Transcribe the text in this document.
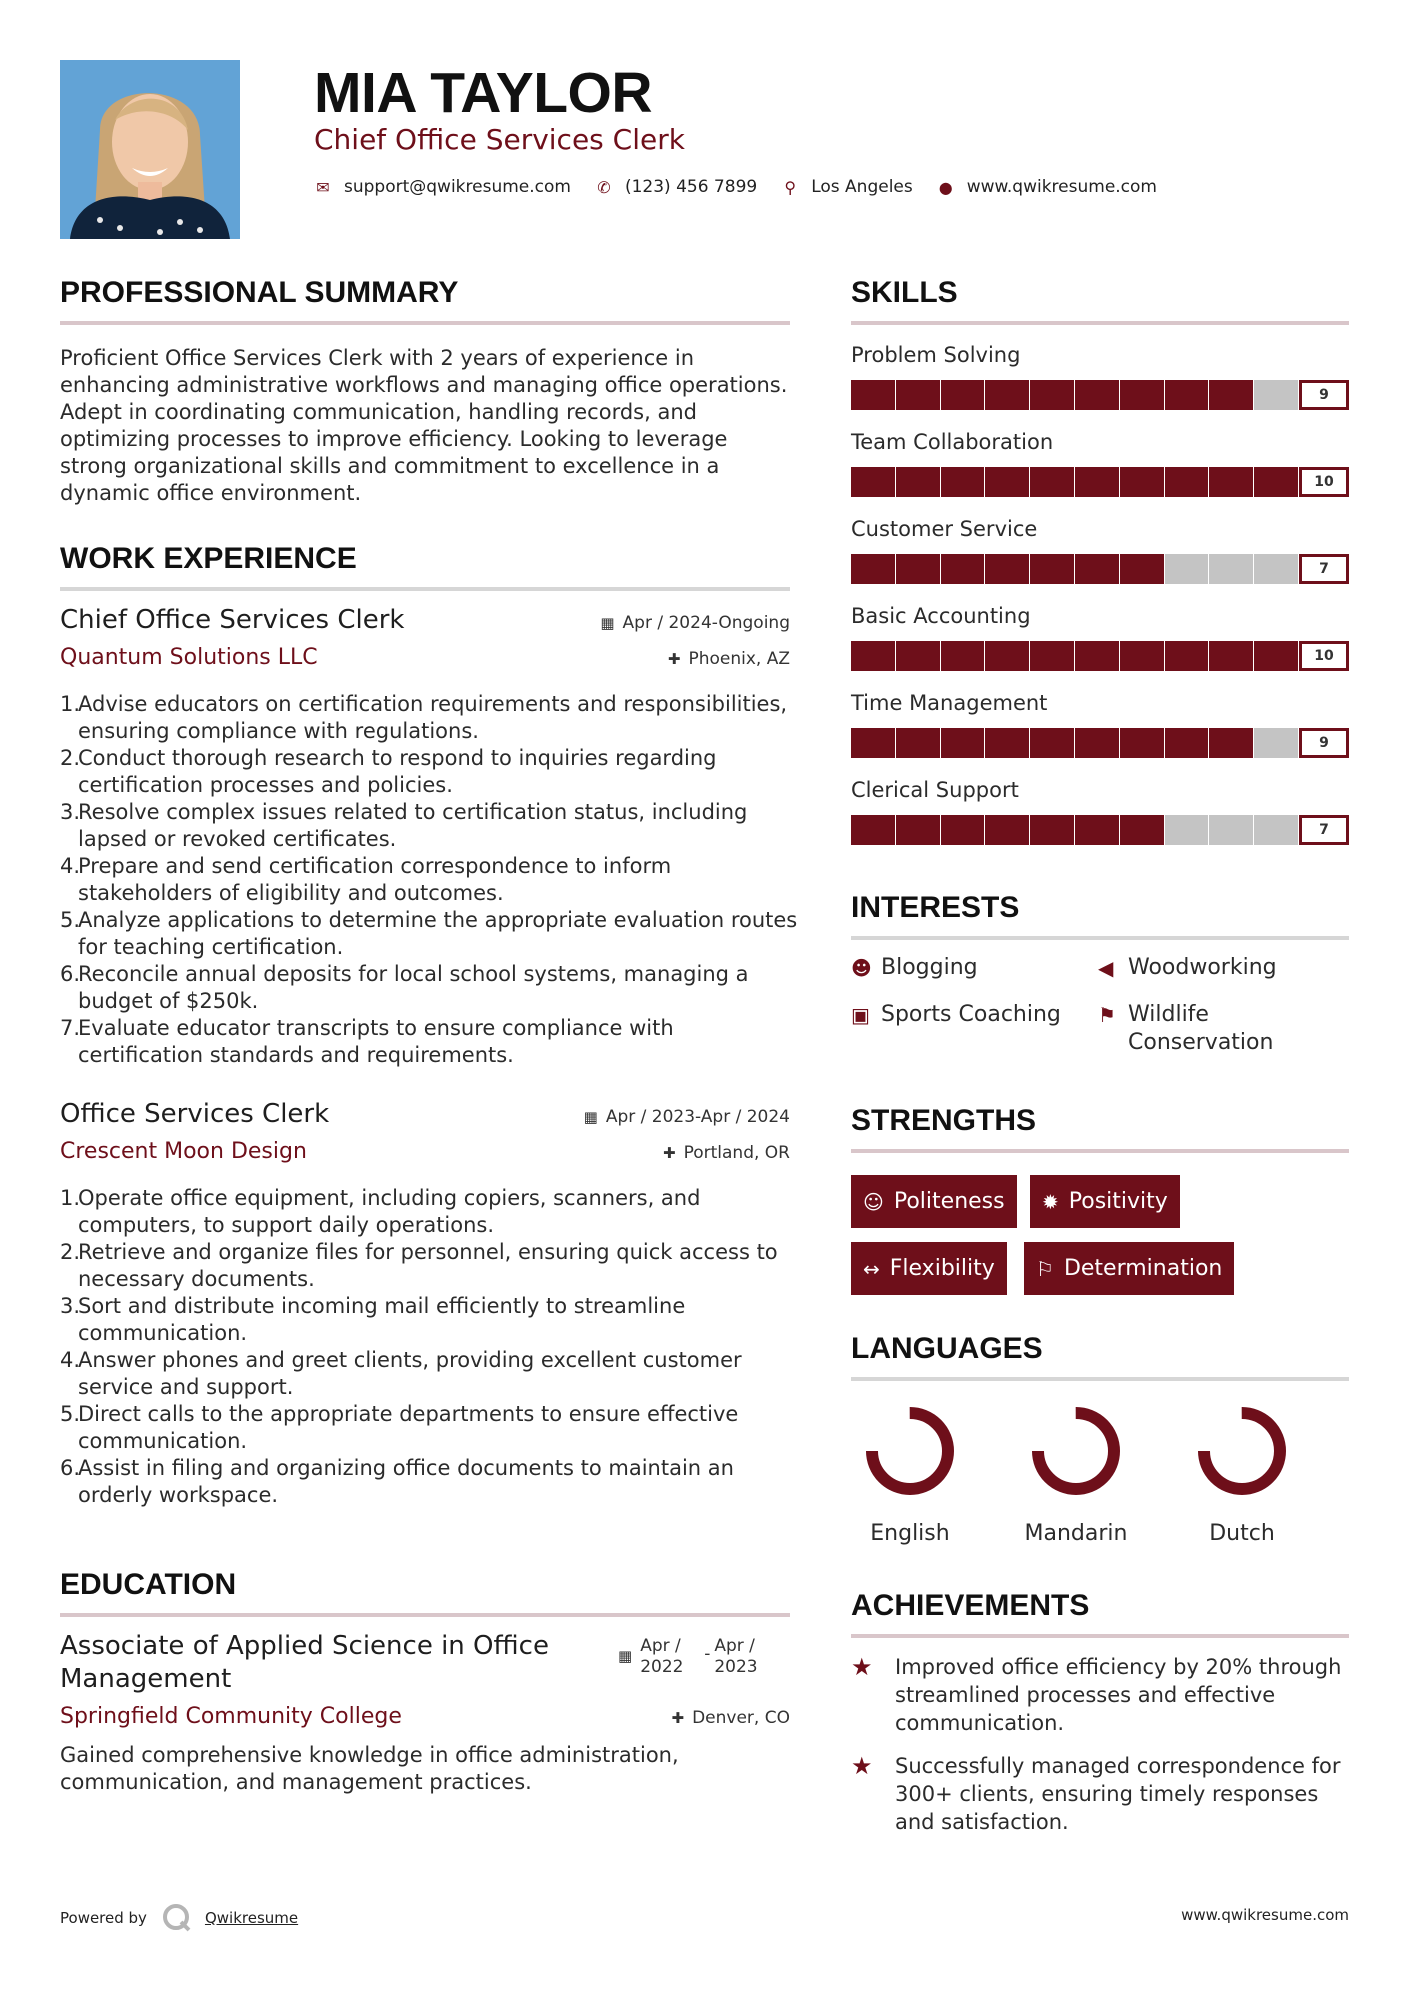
MIA TAYLOR
Chief Office Services Clerk
✉ support@qwikresume.com ✆ (123) 456 7899 ⚲ Los Angeles ● www.qwikresume.com
PROFESSIONAL SUMMARY

Proficient Office Services Clerk with 2 years of experience in enhancing administrative workflows and managing office operations. Adept in coordinating communication, handling records, and optimizing processes to improve efficiency. Looking to leverage strong organizational skills and commitment to excellence in a dynamic office environment.

WORK EXPERIENCE
Chief Office Services Clerk	▦ Apr / 2024-Ongoing
Quantum Solutions LLC	✚ Phoenix, AZ
Advise educators on certification requirements and responsibilities, ensuring compliance with regulations.
Conduct thorough research to respond to inquiries regarding certification processes and policies.
Resolve complex issues related to certification status, including lapsed or revoked certificates.
Prepare and send certification correspondence to inform stakeholders of eligibility and outcomes.
Analyze applications to determine the appropriate evaluation routes for teaching certification.
Reconcile annual deposits for local school systems, managing a budget of $250k.
Evaluate educator transcripts to ensure compliance with certification standards and requirements.
Office Services Clerk	▦ Apr / 2023-Apr / 2024
Crescent Moon Design	✚ Portland, OR
Operate office equipment, including copiers, scanners, and computers, to support daily operations.
Retrieve and organize files for personnel, ensuring quick access to necessary documents.
Sort and distribute incoming mail efficiently to streamline communication.
Answer phones and greet clients, providing excellent customer service and support.
Direct calls to the appropriate departments to ensure effective communication.
Assist in filing and organizing office documents to maintain an orderly workspace.
EDUCATION
Associate of Applied Science in Office Management
▦ Apr / 2022
- Apr / 2023
Springfield Community College	✚ Denver, CO

Gained comprehensive knowledge in office administration, communication, and management practices.

SKILLS
Problem Solving
9
Team Collaboration
10
Customer Service
7
Basic Accounting
10
Time Management
9
Clerical Support
7
INTERESTS
☻ Blogging	◀ Woodworking
▣ Sports Coaching ⚑ Wildlife Conservation
STRENGTHS
☺ Politeness ✹ Positivity
↔ Flexibility ⚐ Determination
LANGUAGES
English	Mandarin	Dutch
ACHIEVEMENTS
★	Improved office efficiency by 20% through streamlined processes and effective communication.
★	Successfully managed correspondence for 300+ clients, ensuring timely responses and satisfaction.
Powered by	Qwikresume	www.qwikresume.com
